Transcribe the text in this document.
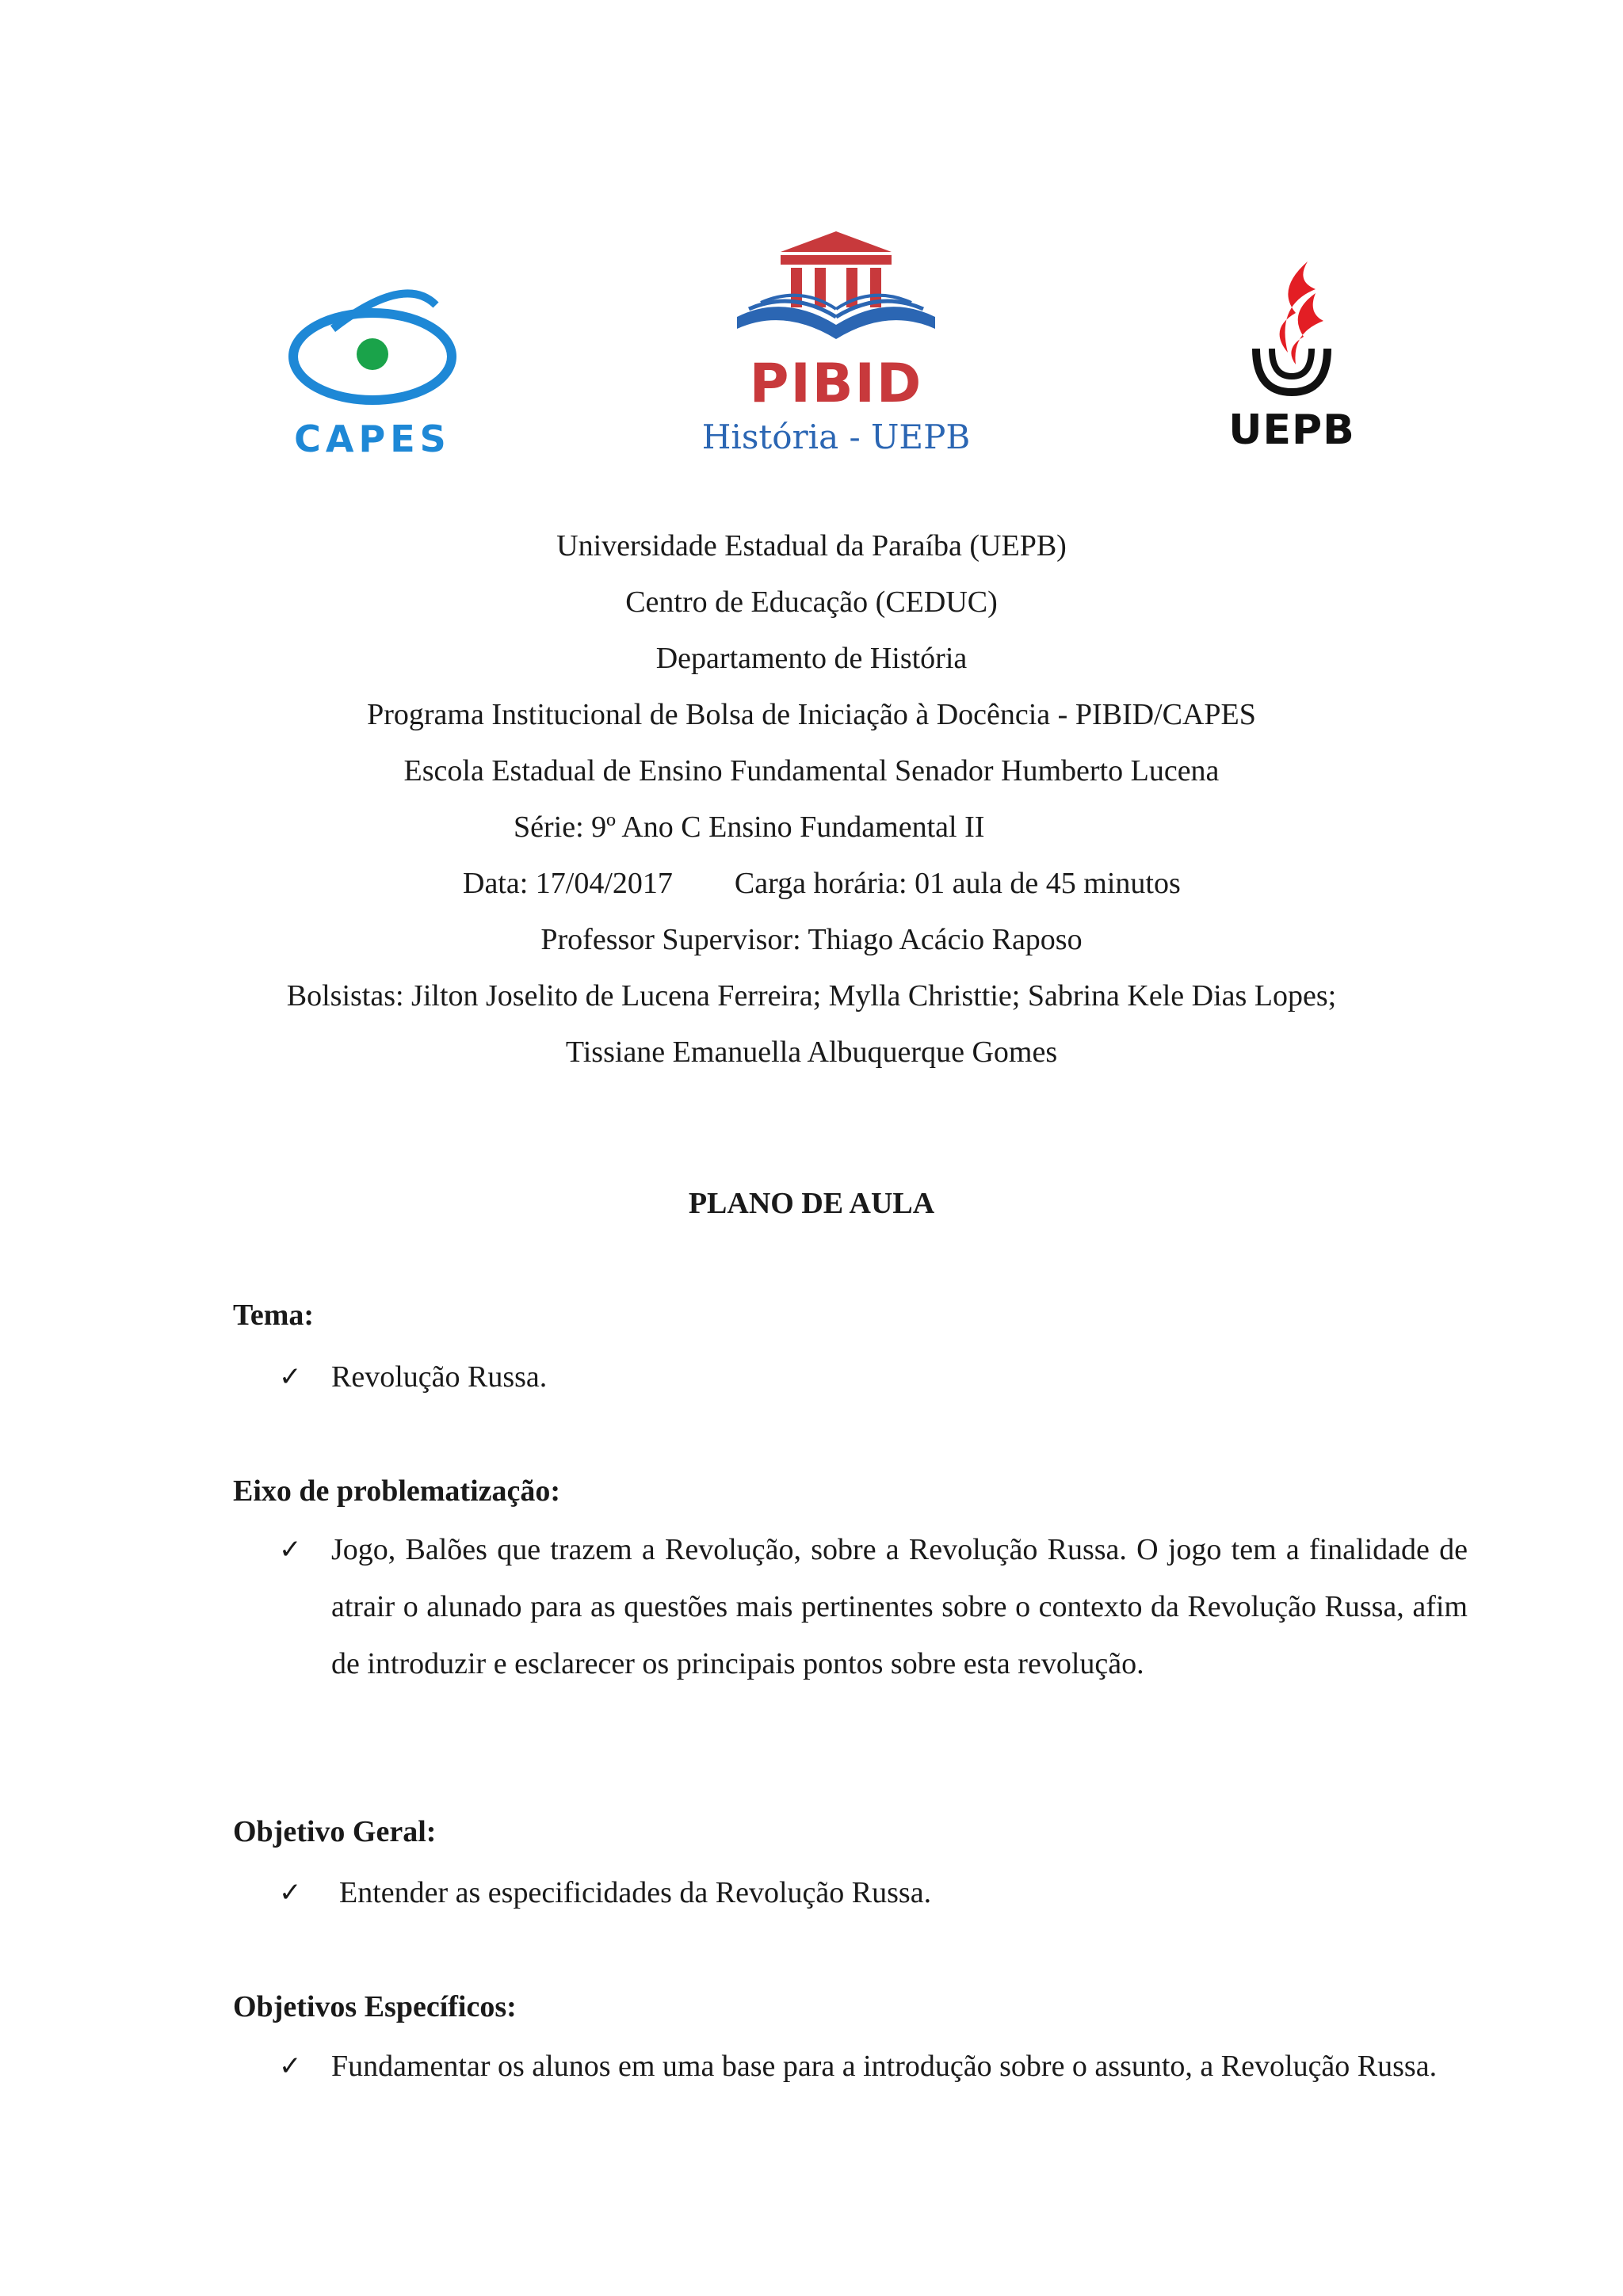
CAPES
PIBID
História - UEPB	UEPB
Universidade Estadual da Paraíba (UEPB)
Centro de Educação (CEDUC)
Departamento de História
Programa Institucional de Bolsa de Iniciação à Docência - PIBID/CAPES
Escola Estadual de Ensino Fundamental Senador Humberto Lucena
Série: 9º Ano C Ensino Fundamental II
Data: 17/04/2017 Carga horária: 01 aula de 45 minutos
Professor Supervisor: Thiago Acácio Raposo
Bolsistas: Jilton Joselito de Lucena Ferreira; Mylla Christtie; Sabrina Kele Dias Lopes;
Tissiane Emanuella Albuquerque Gomes
PLANO DE AULA
Tema:
✓ Revolução Russa.
Eixo de problematização:
✓ Jogo, Balões que trazem a Revolução, sobre a Revolução Russa. O jogo tem a finalidade de atrair o alunado para as questões mais pertinentes sobre o contexto da Revolução Russa, afim de introduzir e esclarecer os principais pontos sobre esta revolução.
Objetivo Geral:
✓ Entender as especificidades da Revolução Russa.
Objetivos Específicos:
✓ Fundamentar os alunos em uma base para a introdução sobre o assunto, a Revolução Russa.
